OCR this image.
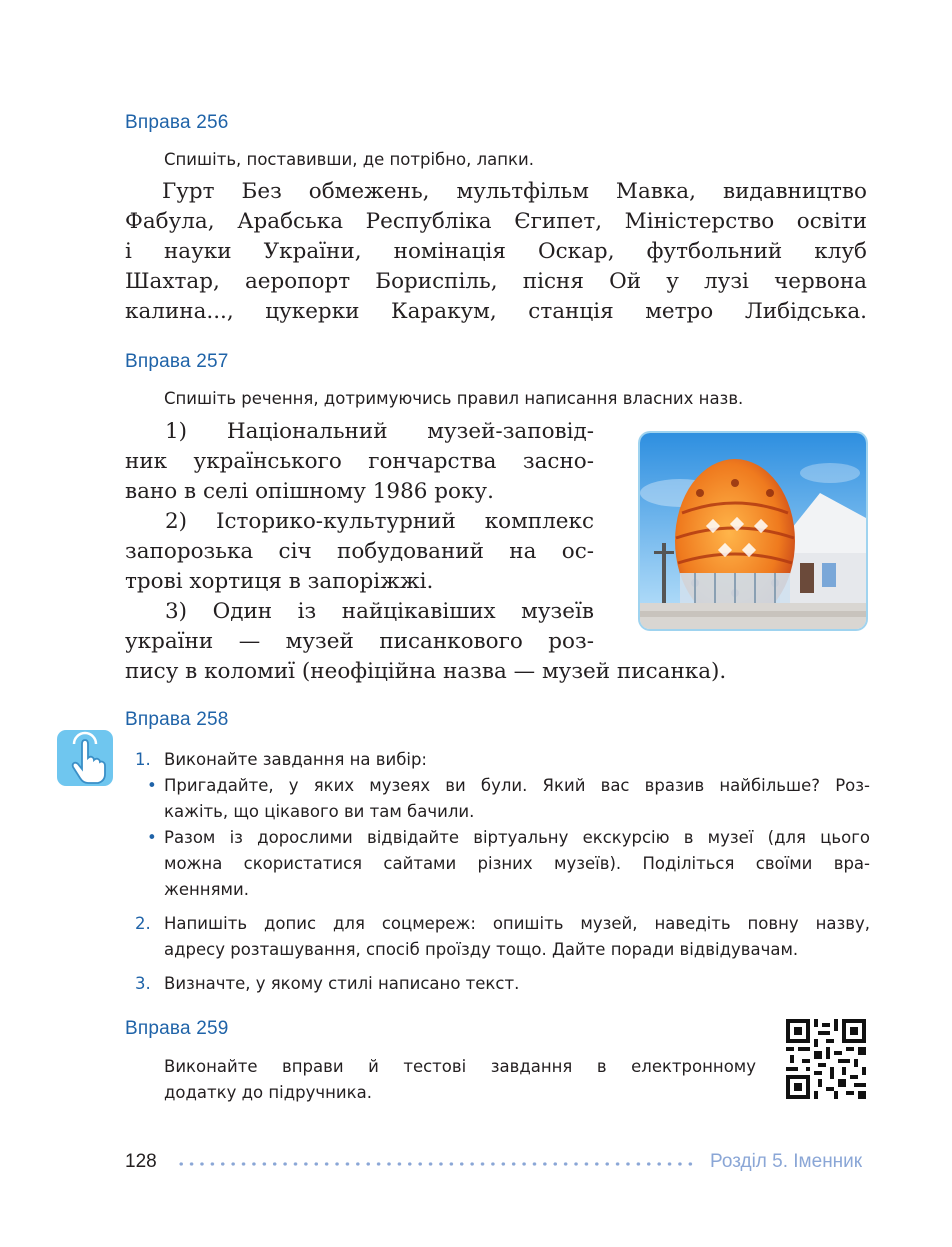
Вправа 256
Спишіть, поставивши, де потрібно, лапки.
Гурт Без обмежень, мультфільм Мавка, видавництво
Фабула, Арабська Республіка Єгипет, Міністерство освіти
і науки України, номінація Оскар, футбольний клуб
Шахтар, аеропорт Бориспіль, пісня Ой у лузі червона
калина..., цукерки Каракум, станція метро Либідська.
Вправа 257
Спишіть речення, дотримуючись правил написання власних назв.
1) Національний музей-заповід-
ник українського гончарства засно-
вано в селі опішному 1986 року.
2) Історико-культурний комплекс
запорозька січ побудований на ос-
трові хортиця в запоріжжі.
3) Один із найцікавіших музеїв
україни — музей писанкового роз-
пису в коломиї (неофіційна назва — музей писанка).
Вправа 258
1. Виконайте завдання на вибір:
• Пригадайте, у яких музеях ви були. Який вас вразив найбільше? Роз-
кажіть, що цікавого ви там бачили.
• Разом із дорослими відвідайте віртуальну екскурсію в музеї (для цього
можна скористатися сайтами різних музеїв). Поділіться своїми вра-
женнями.
2. Напишіть допис для соцмереж: опишіть музей, наведіть повну назву,
адресу розташування, спосіб проїзду тощо. Дайте поради відвідувачам.
3. Визначте, у якому стилі написано текст.
Вправа 259
Виконайте вправи й тестові завдання в електронному
додатку до підручника.
128	Розділ 5. Іменник
